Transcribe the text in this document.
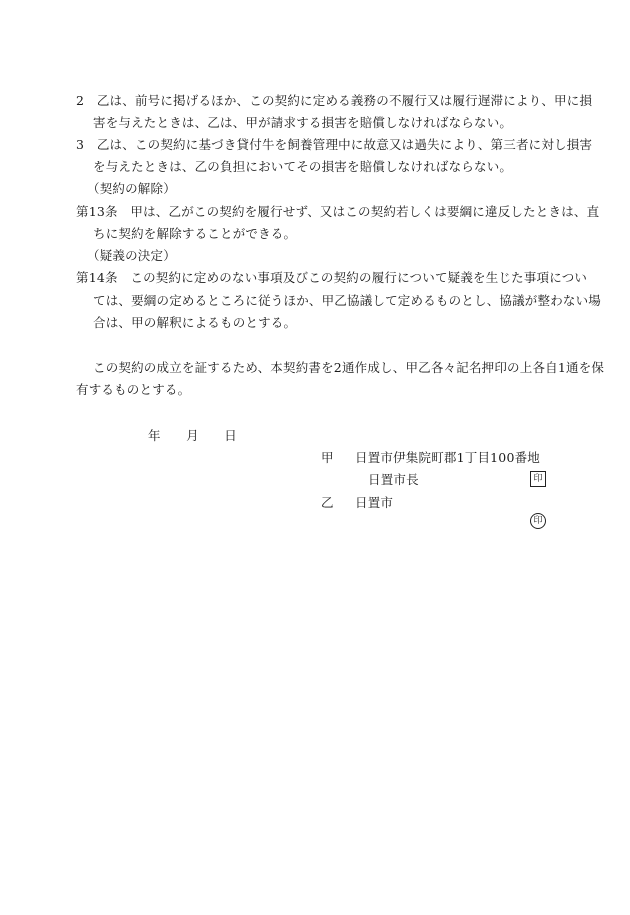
2　乙は、前号に掲げるほか、この契約に定める義務の不履行又は履行遅滞により、甲に損
害を与えたときは、乙は、甲が請求する損害を賠償しなければならない。
3　乙は、この契約に基づき貸付牛を飼養管理中に故意又は過失により、第三者に対し損害
を与えたときは、乙の負担においてその損害を賠償しなければならない。
（契約の解除）
第13条　甲は、乙がこの契約を履行せず、又はこの契約若しくは要綱に違反したときは、直
ちに契約を解除することができる。
（疑義の決定）
第14条　この契約に定めのない事項及びこの契約の履行について疑義を生じた事項につい
ては、要綱の定めるところに従うほか、甲乙協議して定めるものとし、協議が整わない場
合は、甲の解釈によるものとする。
この契約の成立を証するため、本契約書を2通作成し、甲乙各々記名押印の上各自1通を保
有するものとする。
年　　月　　日
甲 日置市伊集院町郡1丁目100番地
日置市長	印
乙 日置市
印
